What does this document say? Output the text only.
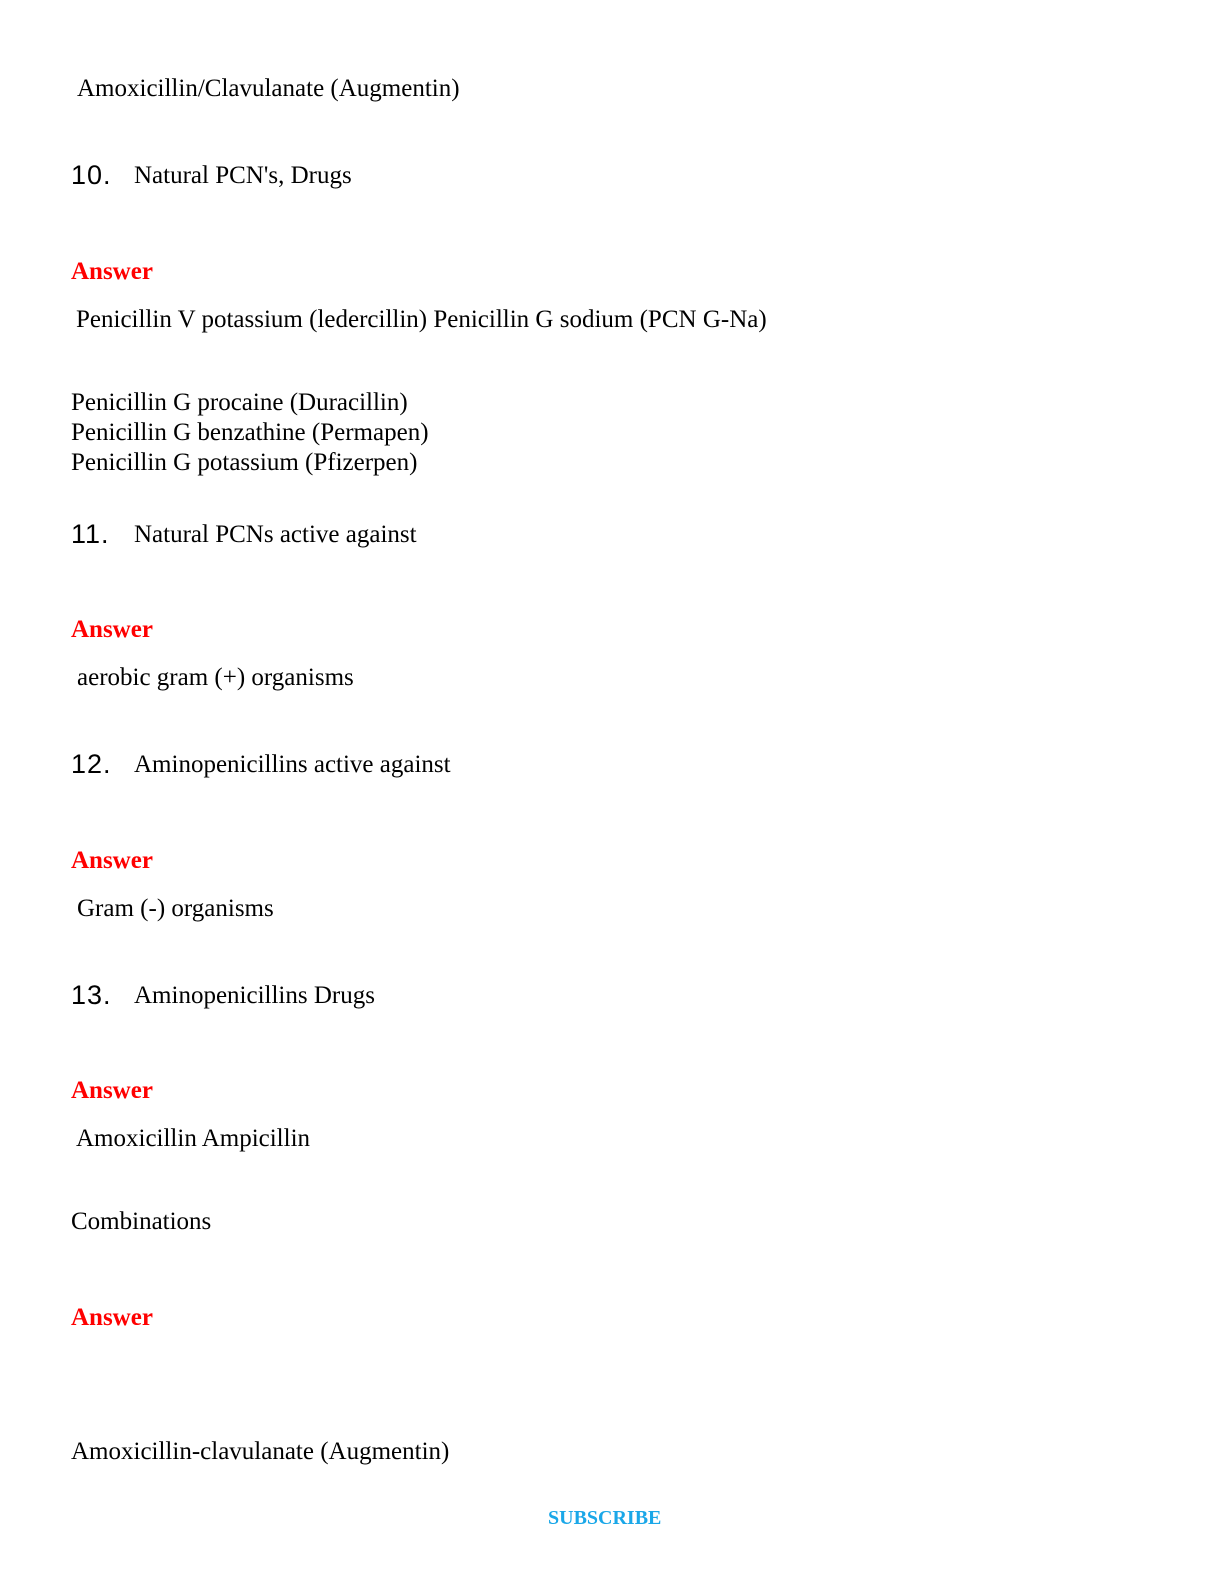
Amoxicillin/Clavulanate (Augmentin)
10. Natural PCN's, Drugs
Answer
Penicillin V potassium (ledercillin) Penicillin G sodium (PCN G-Na)
Penicillin G procaine (Duracillin)
Penicillin G benzathine (Permapen)
Penicillin G potassium (Pfizerpen)
11. Natural PCNs active against
Answer
aerobic gram (+) organisms
12. Aminopenicillins active against
Answer
Gram (-) organisms
13. Aminopenicillins Drugs
Answer
Amoxicillin Ampicillin
Combinations
Answer
Amoxicillin-clavulanate (Augmentin)
SUBSCRIBE
